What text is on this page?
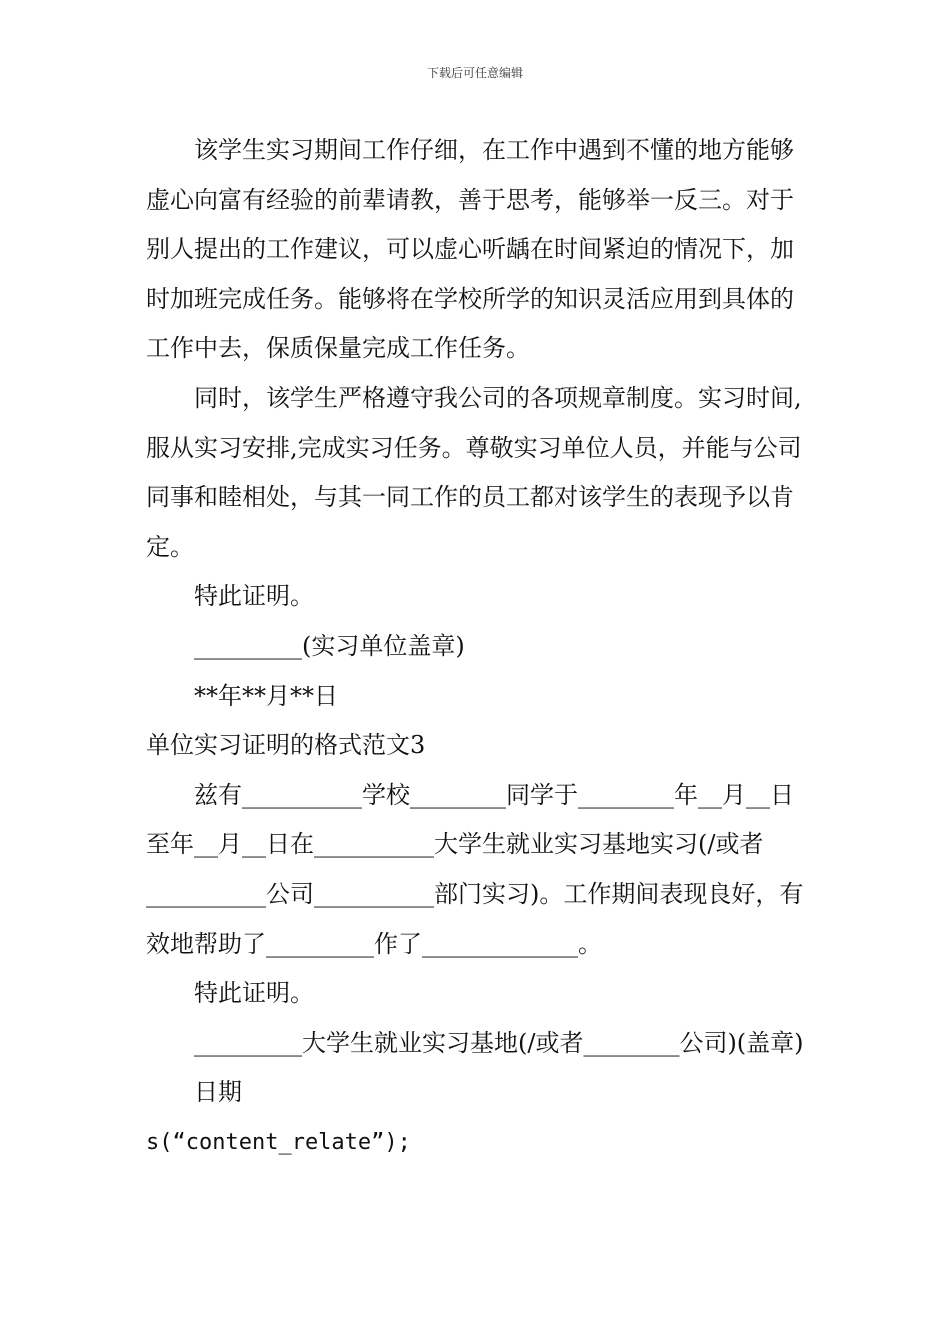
下载后可任意编辑

该学生实习期间工作仔细，在工作中遇到不懂的地方能够虚心向富有经验的前辈请教，善于思考，能够举一反三。对于别人提出的工作建议，可以虚心听龋在时间紧迫的情况下，加时加班完成任务。能够将在学校所学的知识灵活应用到具体的工作中去，保质保量完成工作任务。

同时，该学生严格遵守我公司的各项规章制度。实习时间,服从实习安排,完成实习任务。尊敬实习单位人员，并能与公司同事和睦相处，与其一同工作的员工都对该学生的表现予以肯定。

特此证明。

_________(实习单位盖章)

**年**月**日

单位实习证明的格式范文3

兹有__________学校________同学于________年__月__日至年__月__日在__________大学生就业实习基地实习(/或者__________公司__________部门实习)。工作期间表现良好，有效地帮助了_________作了_____________。

特此证明。

_________大学生就业实习基地(/或者________公司)(盖章)

日期

s(“content_relate”);
